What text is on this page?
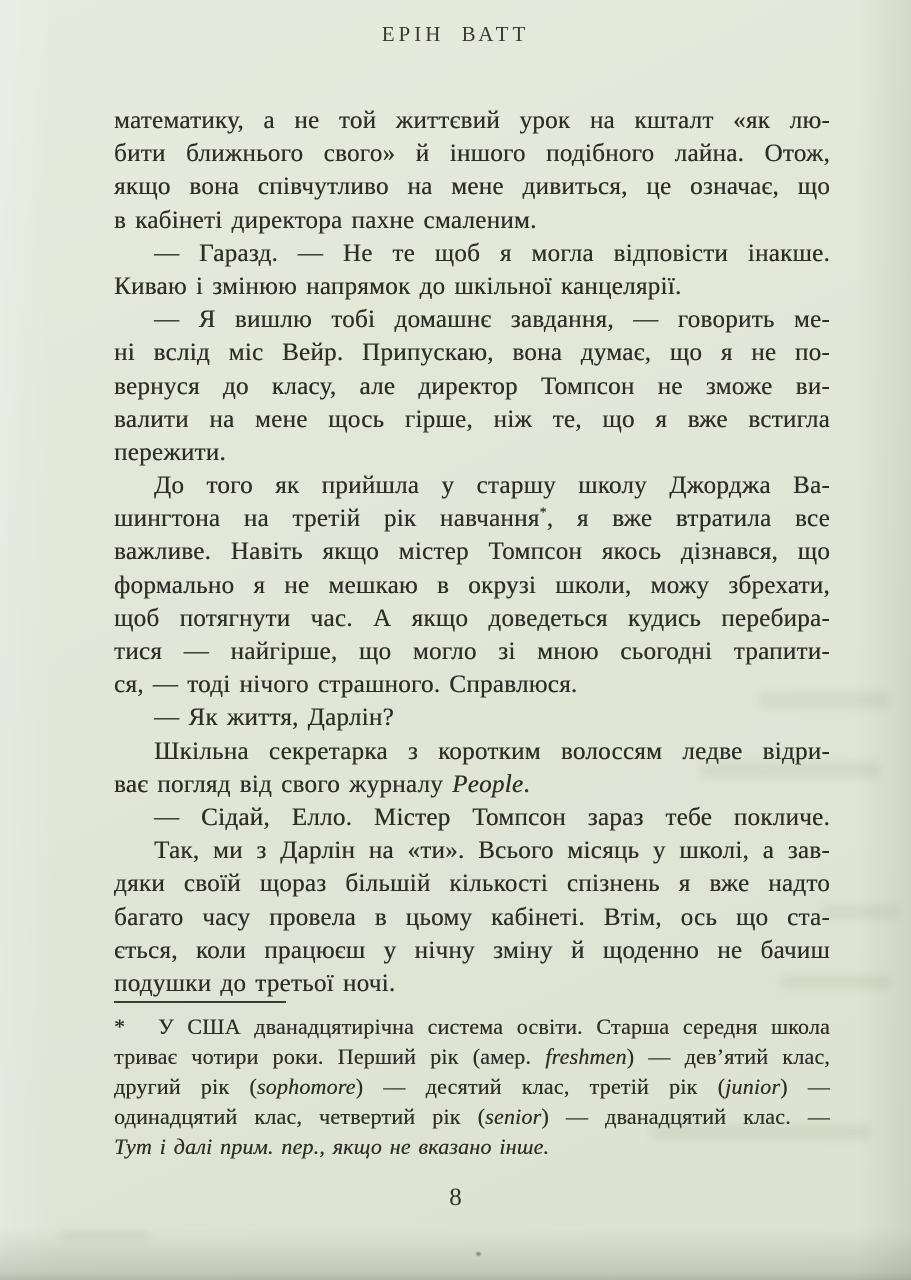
ЕРІН ВАТТ
математику, а не той життєвий урок на кшталт «як лю-
бити ближнього свого» й іншого подібного лайна. Отож,
якщо вона співчутливо на мене дивиться, це означає, що
в кабінеті директора пахне смаленим.
— Гаразд. — Не те щоб я могла відповісти інакше.
Киваю і змінюю напрямок до шкільної канцелярії.
— Я вишлю тобі домашнє завдання, — говорить ме-
ні вслід міс Вейр. Припускаю, вона думає, що я не по-
вернуся до класу, але директор Томпсон не зможе ви-
валити на мене щось гірше, ніж те, що я вже встигла
пережити.
До того як прийшла у старшу школу Джорджа Ва-
шингтона на третій рік навчання*, я вже втратила все
важливе. Навіть якщо містер Томпсон якось дізнався, що
формально я не мешкаю в окрузі школи, можу збрехати,
щоб потягнути час. А якщо доведеться кудись перебира-
тися — найгірше, що могло зі мною сьогодні трапити-
ся, — тоді нічого страшного. Справлюся.
— Як життя, Дарлін?
Шкільна секретарка з коротким волоссям ледве відри-
ває погляд від свого журналу People.
— Сідай, Елло. Містер Томпсон зараз тебе покличе.
Так, ми з Дарлін на «ти». Всього місяць у школі, а зав-
дяки своїй щораз більшій кількості спізнень я вже надто
багато часу провела в цьому кабінеті. Втім, ось що ста-
ється, коли працюєш у нічну зміну й щоденно не бачиш
подушки до третьої ночі.
* У США дванадцятирічна система освіти. Старша середня школа
триває чотири роки. Перший рік (амер. freshmen) — дев’ятий клас,
другий рік (sophomore) — десятий клас, третій рік (junior) —
одинадцятий клас, четвертий рік (senior) — дванадцятий клас. —
Тут і далі прим. пер., якщо не вказано інше.
8
